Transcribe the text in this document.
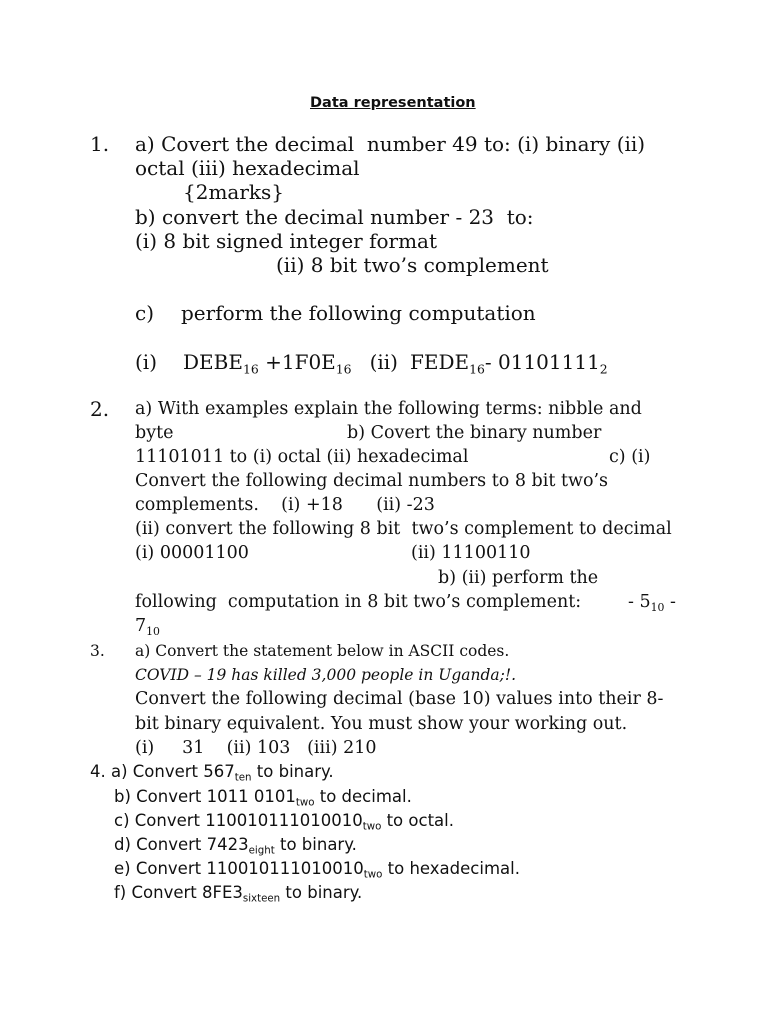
Data representation
1. a) Covert the decimal  number 49 to: (i) binary (ii)
octal (iii) hexadecimal
{2marks}
b) convert the decimal number - 23  to:
(i) 8 bit signed integer format
(ii) 8 bit two’s complement
c) perform the following computation
(i) $DEBE_{16} +1F0E_{16}$ (ii) $FEDE_{16}-$ $01101111_2$
2. a) With examples explain the following terms: nibble and
byte	b) Covert the binary number
11101011 to (i) octal (ii) hexadecimal	c) (i)
Convert the following decimal numbers to 8 bit two’s
complements.    (i) +18      (ii) -23
(ii) convert the following 8 bit  two’s complement to decimal
(i) 00001100	(ii) 11100110
b) (ii) perform the
following  computation in 8 bit two’s complement:	- $5_{10}$ -
$7_{10}$
3. a) Convert the statement below in ASCII codes.
COVID – 19 has killed 3,000 people in Uganda;!.
Convert the following decimal (base 10) values into their 8-
bit binary equivalent. You must show your working out.
(i)     31    (ii) 103   (iii) 210
4. a) Convert $567_{ten}$ to binary.
b) Convert 1011 $0101_{two}$ to decimal.
c) Convert $110010111010010_{two}$ to octal.
d) Convert $7423_{eight}$ to binary.
e) Convert $110010111010010_{two}$ to hexadecimal.
f) Convert $8FE3_{sixteen}$ to binary.
